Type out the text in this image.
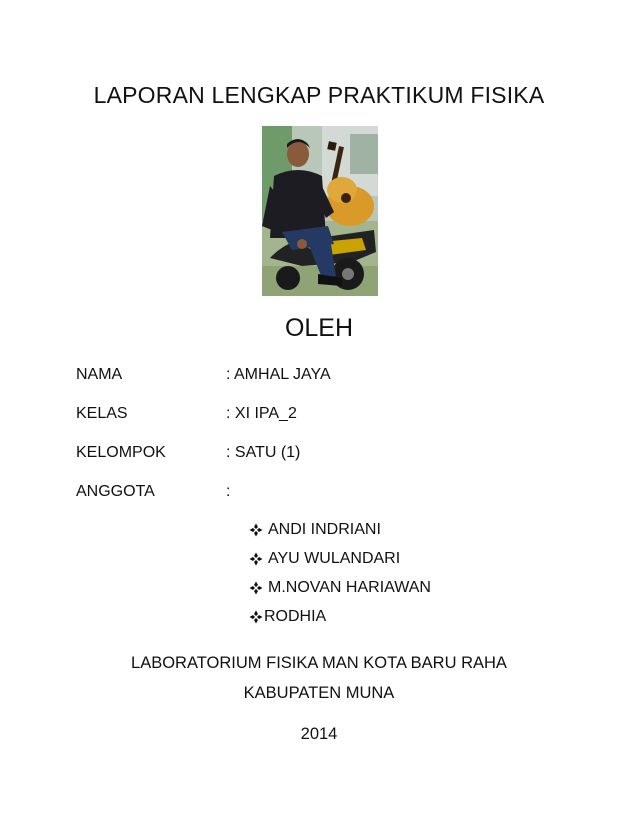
LAPORAN LENGKAP PRAKTIKUM FISIKA
OLEH
NAMA	: AMHAL JAYA
KELAS	: XI IPA_2
KELOMPOK	: SATU (1)
ANGGOTA	:
ANDI INDRIANI
AYU WULANDARI
M.NOVAN HARIAWAN
RODHIA
LABORATORIUM FISIKA MAN KOTA BARU RAHA
KABUPATEN MUNA
2014
